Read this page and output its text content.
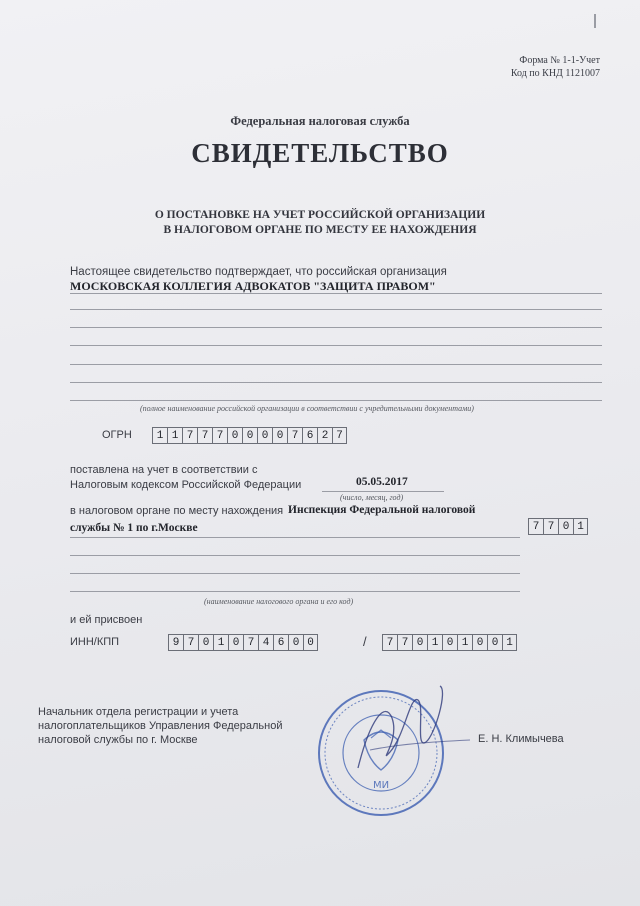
Форма № 1-1-Учет
Код по КНД 1121007
Федеральная налоговая служба
СВИДЕТЕЛЬСТВО
О ПОСТАНОВКЕ НА УЧЕТ РОССИЙСКОЙ ОРГАНИЗАЦИИ
В НАЛОГОВОМ ОРГАНЕ ПО МЕСТУ ЕЕ НАХОЖДЕНИЯ
Настоящее свидетельство подтверждает, что российская организация
МОСКОВСКАЯ КОЛЛЕГИЯ АДВОКАТОВ "ЗАЩИТА ПРАВОМ"
(полное наименование российской организации в соответствии с учредительными документами)
ОГРН	1 1 7 7 7 0 0 0 0 7 6 2 7
поставлена на учет в соответствии с
Налоговым кодексом Российской Федерации	05.05.2017
(число, месяц, год)
в налоговом органе по месту нахождения Инспекция Федеральной налоговой
службы № 1 по г.Москве	7 7 0 1
(наименование налогового органа и его код)
и ей присвоен
ИНН/КПП	9 7 0 1 0 7 4 6 0 0	/	7 7 0 1 0 1 0 0 1
Начальник отдела регистрации и учета
налогоплательщиков Управления Федеральной
налоговой службы по г. Москве
МИ
Е. Н. Климычева
